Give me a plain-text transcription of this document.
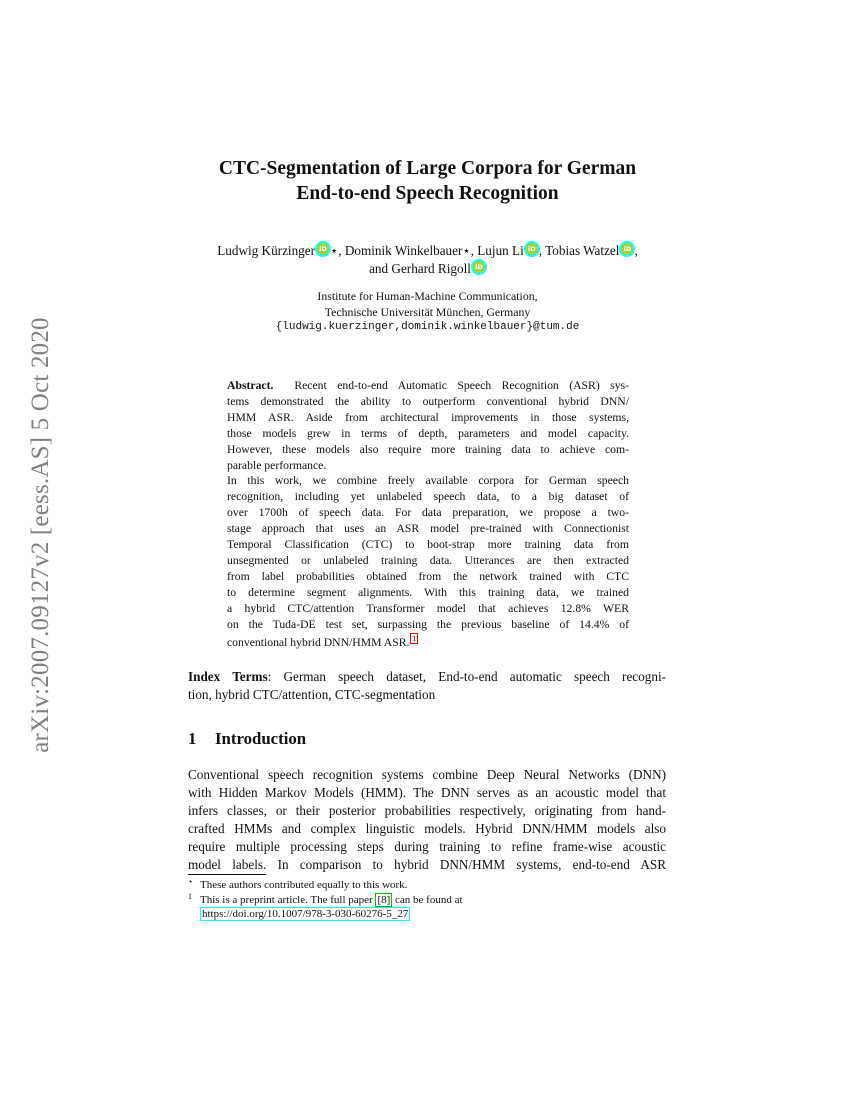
arXiv:2007.09127v2 [eess.AS] 5 Oct 2020
CTC-Segmentation of Large Corpora for German
End-to-end Speech Recognition
Ludwig Kürzinger iD ⋆, Dominik Winkelbauer⋆, Lujun Li iD , Tobias Watzel iD ,
and Gerhard RigolliD
Institute for Human-Machine Communication,
Technische Universität München, Germany
{ludwig.kuerzinger,dominik.winkelbauer}@tum.de
Abstract. Recent end-to-end Automatic Speech Recognition (ASR) sys-
tems demonstrated the ability to outperform conventional hybrid DNN/
HMM ASR. Aside from architectural improvements in those systems,
those models grew in terms of depth, parameters and model capacity.
However, these models also require more training data to achieve com-
parable performance.
In this work, we combine freely available corpora for German speech
recognition, including yet unlabeled speech data, to a big dataset of
over 1700h of speech data. For data preparation, we propose a two-
stage approach that uses an ASR model pre-trained with Connectionist
Temporal Classification (CTC) to boot-strap more training data from
unsegmented or unlabeled training data. Utterances are then extracted
from label probabilities obtained from the network trained with CTC
to determine segment alignments. With this training data, we trained
a hybrid CTC/attention Transformer model that achieves 12.8% WER
on the Tuda-DE test set, surpassing the previous baseline of 14.4% of
conventional hybrid DNN/HMM ASR. 1
Index Terms: German speech dataset, End-to-end automatic speech recogni-
tion, hybrid CTC/attention, CTC-segmentation
1 Introduction
Conventional speech recognition systems combine Deep Neural Networks (DNN)
with Hidden Markov Models (HMM). The DNN serves as an acoustic model that
infers classes, or their posterior probabilities respectively, originating from hand-
crafted HMMs and complex linguistic models. Hybrid DNN/HMM models also
require multiple processing steps during training to refine frame-wise acoustic
model labels. In comparison to hybrid DNN/HMM systems, end-to-end ASR
⋆ These authors contributed equally to this work.
1 This is a preprint article. The full paper [8] can be found at
https://doi.org/10.1007/978-3-030-60276-5_27
